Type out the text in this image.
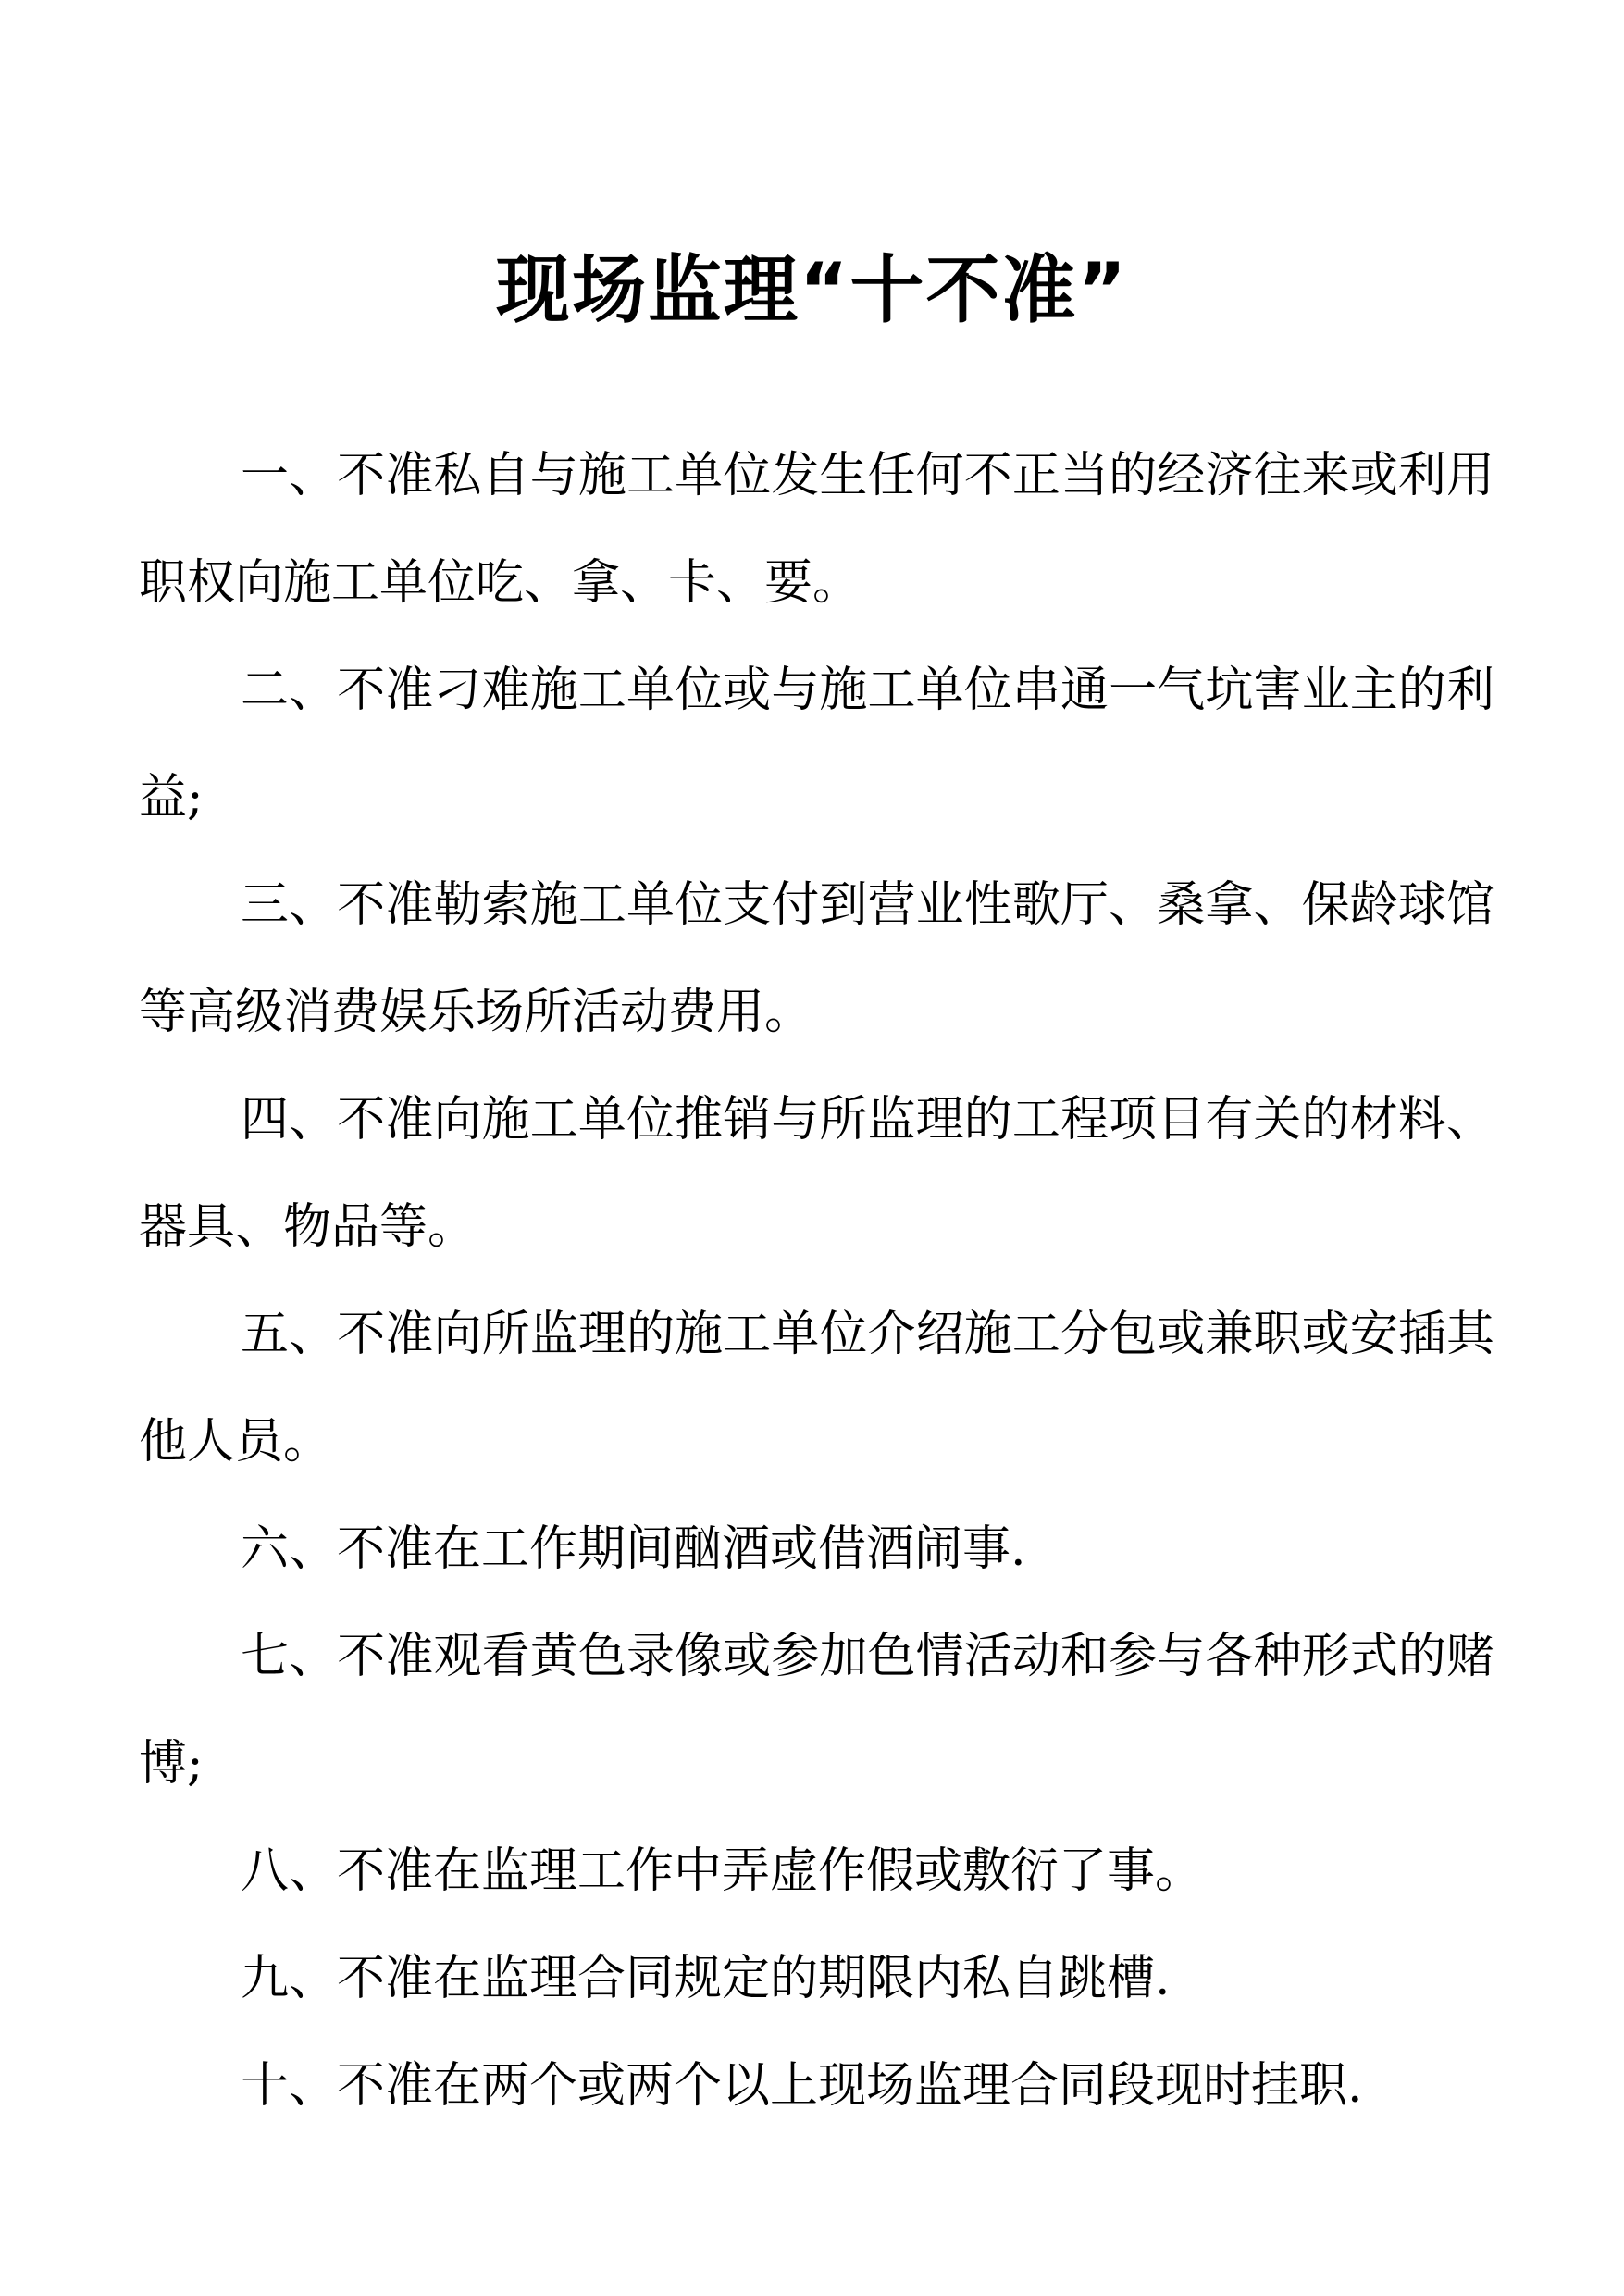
现场监理“十不准”

一、不准私自与施工单位发生任何不正当的经济往来或利用职权向施工单位吃、拿、卡、要。

二、不准刁难施工单位或与施工单位串通一气坑害业主的利益;

三、不准勒索施工单位支付到营业性歌厅、桑拿、保龄球馆等高级消费娱乐场所活动费用。

四、不准向施工单位推销与所监理的工程项目有关的材料、器具、物品等。

五、不准向所监理的施工单位介绍施工分包或兼职或安插其他人员。

六、不准在工作期间酗酒或借酒闹事.

七、不准观看黄色录像或参加色情活动和参与各种形式的赌博;

八、不准在监理工作中弄虚作假或敷衍了事。

九、不准在监理合同规定的期限内私自跳槽.

十、不准在两个或两个以上现场监理合同段现时挂职.
